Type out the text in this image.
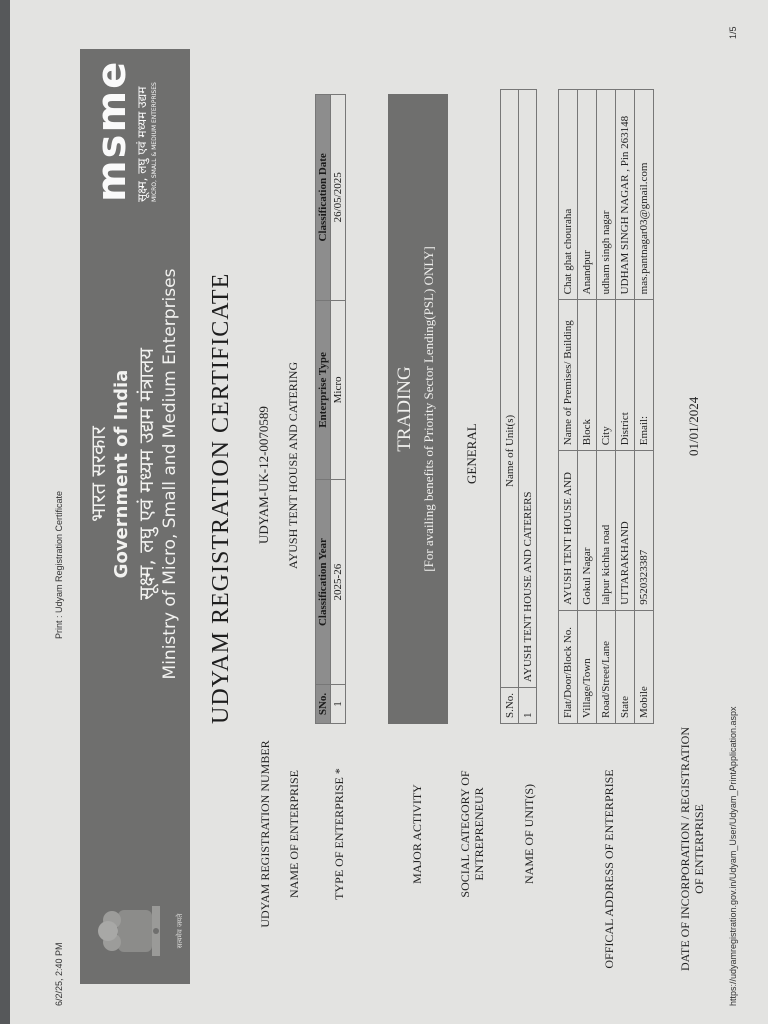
6/2/25, 2:40 PM
Print : Udyam Registration Certificate
सत्यमेव जयते
भारत सरकार Government of India सूक्ष्म, लघु एवं मध्यम उद्यम मंत्रालय Ministry of Micro, Small and Medium Enterprises
msme सूक्ष्म, लघु एवं मध्यम उद्यम MICRO, SMALL & MEDIUM ENTERPRISES
UDYAM REGISTRATION CERTIFICATE
UDYAM REGISTRATION NUMBER
UDYAM-UK-12-0070589
NAME OF ENTERPRISE
AYUSH TENT HOUSE AND CATERING
TYPE OF ENTERPRISE *
SNo.	Classification Year	Enterprise Type	Classification Date
1	2025-26	Micro	26/05/2025
MAJOR ACTIVITY
TRADING [For availing benefits of Priority Sector Lending(PSL) ONLY]
SOCIAL CATEGORY OF ENTREPRENEUR
GENERAL
NAME OF UNIT(S)
S.No.	Name of Unit(s)
1	AYUSH TENT HOUSE AND CATERERS
OFFICAL ADDRESS OF ENTERPRISE
Flat/Door/Block No.	AYUSH TENT HOUSE AND	Name of Premises/ Building	Chat ghat chouraha
Village/Town	Gokul Nagar	Block	Anandpur
Road/Street/Lane	lalpur kichha road	City	udham singh nagar
State	UTTARAKHAND	District	UDHAM SINGH NAGAR , Pin 263148
Mobile	9520323387	Email:	mas.pantnagar03@gmail.com
DATE OF INCORPORATION / REGISTRATION OF ENTERPRISE
01/01/2024
https://udyamregistration.gov.in/Udyam_User/Udyam_PrintApplication.aspx
1/5
